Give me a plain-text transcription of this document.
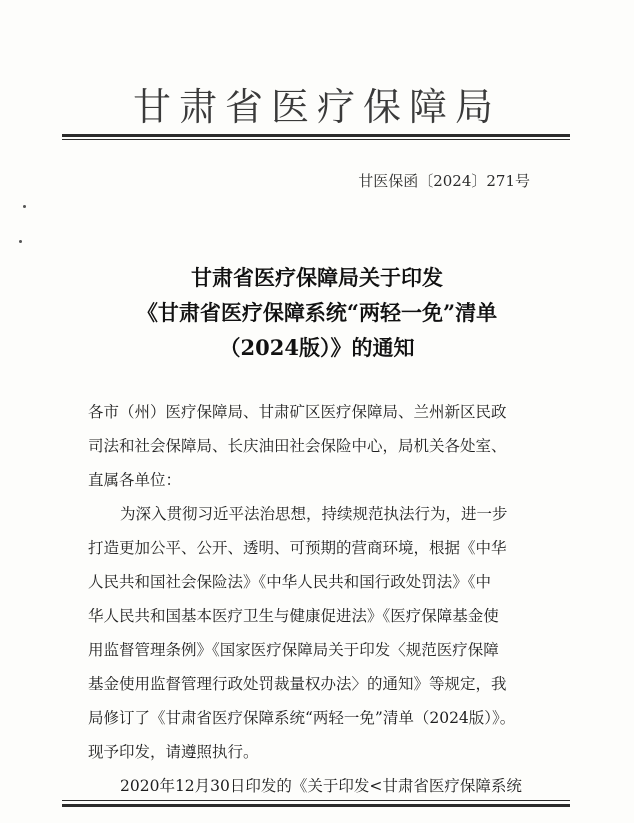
甘肃省医疗保障局
甘医保函〔2024〕271号
甘肃省医疗保障局关于印发
《甘肃省医疗保障系统“两轻一免”清单
（2024版）》的通知
各市（州）医疗保障局、甘肃矿区医疗保障局、兰州新区民政
司法和社会保障局、长庆油田社会保险中心，局机关各处室、
直属各单位：
为深入贯彻习近平法治思想，持续规范执法行为，进一步
打造更加公平、公开、透明、可预期的营商环境，根据《中华
人民共和国社会保险法》《中华人民共和国行政处罚法》《中
华人民共和国基本医疗卫生与健康促进法》《医疗保障基金使
用监督管理条例》《国家医疗保障局关于印发〈规范医疗保障
基金使用监督管理行政处罚裁量权办法〉的通知》等规定，我
局修订了《甘肃省医疗保障系统“两轻一免”清单（2024版）》。
现予印发，请遵照执行。
2020年12月30日印发的《关于印发<甘肃省医疗保障系统
